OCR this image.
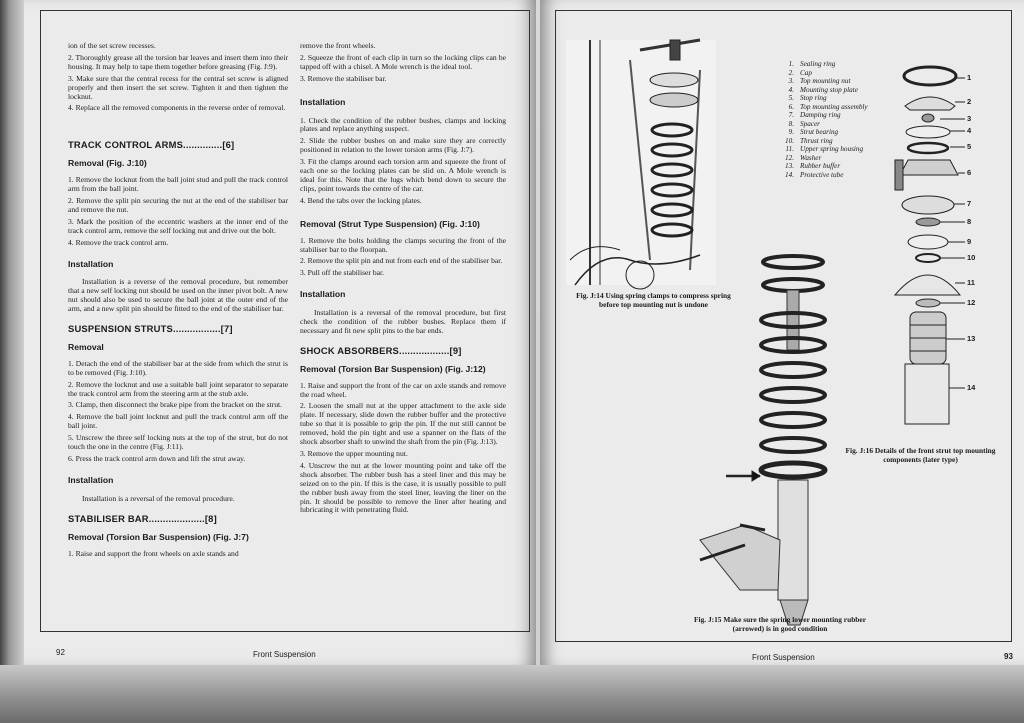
ion of the set screw recesses.

2. Thoroughly grease all the torsion bar leaves and insert them into their housing. It may help to tape them together before greasing (Fig. J:9).

3. Make sure that the central recess for the central set screw is aligned properly and then insert the set screw. Tighten it and then tighten the locknut.

4. Replace all the removed components in the reverse order of removal.

TRACK CONTROL ARMS..............[6]
Removal (Fig. J:10)

1. Remove the locknut from the ball joint stud and pull the track control arm from the ball joint.

2. Remove the split pin securing the nut at the end of the stabiliser bar and remove the nut.

3. Mark the position of the eccentric washers at the inner end of the track control arm, remove the self locking nut and drive out the bolt.

4. Remove the track control arm.

Installation

Installation is a reverse of the removal procedure, but remember that a new self locking nut should be used on the inner pivot bolt. A new nut should also be used to secure the ball joint at the outer end of the arm, and a new split pin should be fitted to the end of the stabiliser bar.

SUSPENSION STRUTS.................[7]
Removal

1. Detach the end of the stabiliser bar at the side from which the strut is to be removed (Fig. J:10).

2. Remove the locknut and use a suitable ball joint separator to separate the track control arm from the steering arm at the stub axle.

3. Clamp, then disconnect the brake pipe from the bracket on the strut.

4. Remove the ball joint locknut and pull the track control arm off the ball joint.

5. Unscrew the three self locking nuts at the top of the strut, but do not touch the one in the centre (Fig. J:11).

6. Press the track control arm down and lift the strut away.

Installation

Installation is a reversal of the removal procedure.

STABILISER BAR....................[8]
Removal (Torsion Bar Suspension) (Fig. J:7)

1. Raise and support the front wheels on axle stands and

remove the front wheels.

2. Squeeze the front of each clip in turn so the locking clips can be tapped off with a chisel. A Mole wrench is the ideal tool.

3. Remove the stabiliser bar.

Installation

1. Check the condition of the rubber bushes, clamps and locking plates and replace anything suspect.

2. Slide the rubber bushes on and make sure they are correctly positioned in relation to the lower torsion arms (Fig. J:7).

3. Fit the clamps around each torsion arm and squeeze the front of each one so the locking plates can be slid on. A Mole wrench is ideal for this. Note that the lugs which bend down to secure the clips, point towards the centre of the car.

4. Bend the tabs over the locking plates.

Removal (Strut Type Suspension) (Fig. J:10)

1. Remove the bolts holding the clamps securing the front of the stabiliser bar to the floorpan.

2. Remove the split pin and nut from each end of the stabiliser bar.

3. Pull off the stabiliser bar.

Installation

Installation is a reversal of the removal procedure, but first check the condition of the rubber bushes. Replace them if necessary and fit new split pins to the bar ends.

SHOCK ABSORBERS..................[9]
Removal (Torsion Bar Suspension) (Fig. J:12)

1. Raise and support the front of the car on axle stands and remove the road wheel.

2. Loosen the small nut at the upper attachment to the axle side plate. If necessary, slide down the rubber buffer and the protective tube so that it is possible to grip the pin. If the nut still cannot be removed, hold the pin tight and use a spanner on the flats of the shock absorber shaft to unwind the shaft from the pin (Fig. J:13).

3. Remove the upper mounting nut.

4. Unscrew the nut at the lower mounting point and take off the shock absorber. The rubber bush has a steel liner and this may be seized on to the pin. If this is the case, it is usually possible to pull the rubber bush away from the steel liner, leaving the liner on the pin. It should be possible to remove the liner after heating and lubricating it with penetrating fluid.

92	Front Suspension
1
2
3
4
5
6
7
8
9
10
11
12
13
14
1. Sealing ring
2. Cap
3. Top mounting nut
4. Mounting stop plate
5. Stop ring
6. Top mounting assembly
7. Damping ring
8. Spacer
9. Strut bearing
10. Thrust ring
11. Upper spring housing
12. Washer
13. Rubber buffer
14. Protective tube
Fig. J:14 Using spring clamps to compress spring before top mounting nut is undone
Fig. J:15 Make sure the spring lower mounting rubber (arrowed) is in good condition
Fig. J:16 Details of the front strut top mounting components (later type)
Front Suspension	93
